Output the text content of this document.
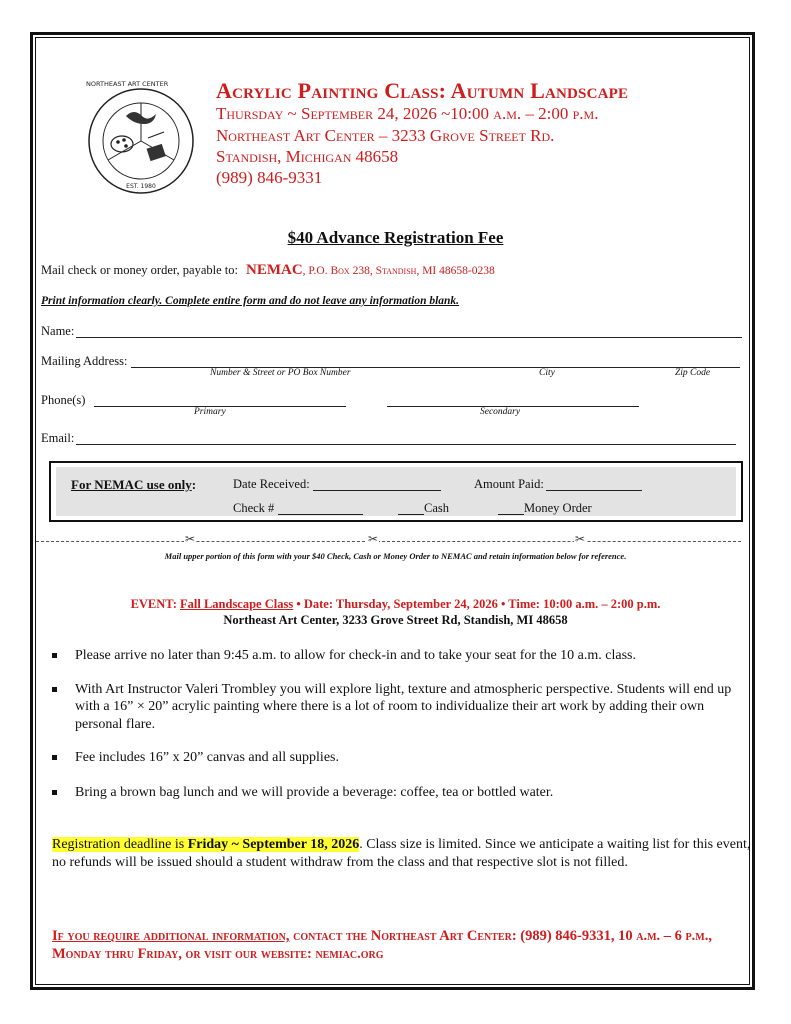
NORTHEAST ART CENTER
EST. 1980
Acrylic Painting Class: Autumn Landscape
Thursday ~ September 24, 2026 ~10:00 a.m. – 2:00 p.m.
Northeast Art Center – 3233 Grove Street Rd.
Standish, Michigan 48658
(989) 846-9331
$40 Advance Registration Fee
Mail check or money order, payable to: NEMAC, P.O. Box 238, Standish, MI 48658-0238
Print information clearly. Complete entire form and do not leave any information blank.
Name:
Mailing Address:
Number & Street or PO Box Number	City	Zip Code
Phone(s)
Primary	Secondary
Email:
For NEMAC use only:	Date Received:	Amount Paid:
Check #	Cash	Money Order
✂	✂	✂
Mail upper portion of this form with your $40 Check, Cash or Money Order to NEMAC and retain information below for reference.
EVENT: Fall Landscape Class • Date: Thursday, September 24, 2026 • Time: 10:00 a.m. – 2:00 p.m.
Northeast Art Center, 3233 Grove Street Rd, Standish, MI 48658
Please arrive no later than 9:45 a.m. to allow for check-in and to take your seat for the 10 a.m. class.
With Art Instructor Valeri Trombley you will explore light, texture and atmospheric perspective. Students will end up with a 16” × 20” acrylic painting where there is a lot of room to individualize their art work by adding their own personal flare.
Fee includes 16” x 20” canvas and all supplies.
Bring a brown bag lunch and we will provide a beverage: coffee, tea or bottled water.
Registration deadline is Friday ~ September 18, 2026. Class size is limited. Since we anticipate a waiting list for this event, no refunds will be issued should a student withdraw from the class and that respective slot is not filled.
If you require additional information, contact the Northeast Art Center: (989) 846-9331, 10 a.m. – 6 p.m., Monday thru Friday, or visit our website: nemiac.org
